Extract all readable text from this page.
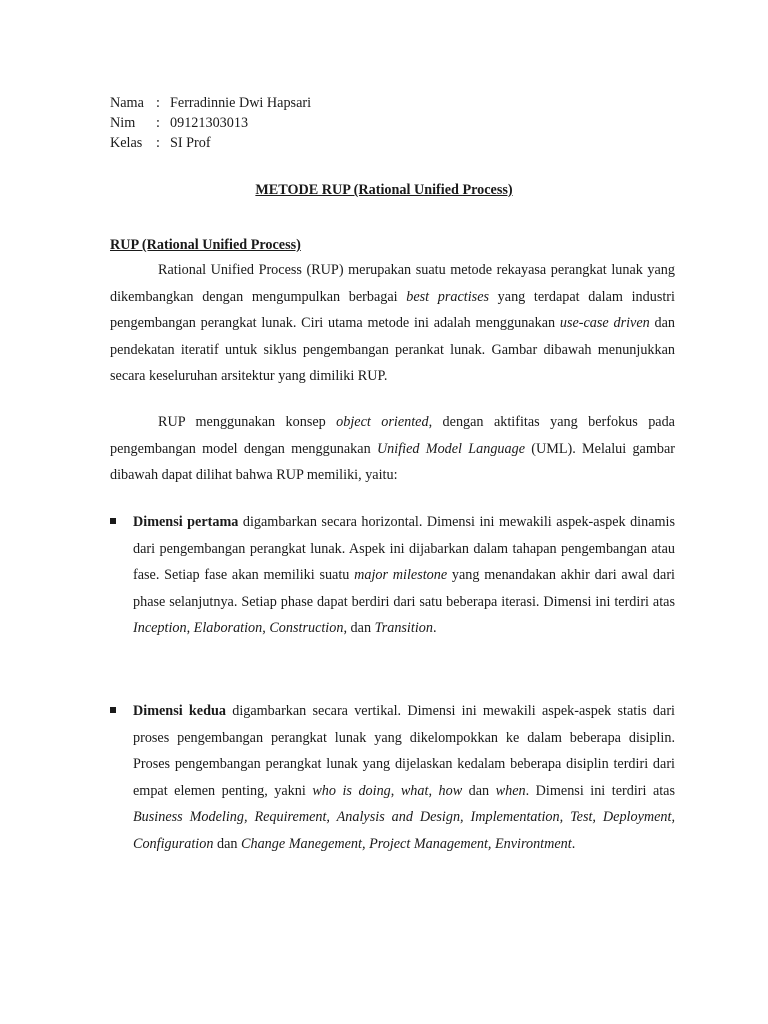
Nama : Ferradinnie Dwi Hapsari
Nim	: 09121303013
Kelas : SI Prof
METODE RUP (Rational Unified Process)
RUP (Rational Unified Process)

Rational Unified Process (RUP) merupakan suatu metode rekayasa perangkat lunak yang dikembangkan dengan mengumpulkan berbagai best practises yang terdapat dalam industri pengembangan perangkat lunak. Ciri utama metode ini adalah menggunakan use-case driven dan pendekatan iteratif untuk siklus pengembangan perankat lunak. Gambar dibawah menunjukkan secara keseluruhan arsitektur yang dimiliki RUP.

RUP menggunakan konsep object oriented, dengan aktifitas yang berfokus pada pengembangan model dengan menggunakan Unified Model Language (UML). Melalui gambar dibawah dapat dilihat bahwa RUP memiliki, yaitu:

Dimensi pertama digambarkan secara horizontal. Dimensi ini mewakili aspek-aspek dinamis dari pengembangan perangkat lunak. Aspek ini dijabarkan dalam tahapan pengembangan atau fase. Setiap fase akan memiliki suatu major milestone yang menandakan akhir dari awal dari phase selanjutnya. Setiap phase dapat berdiri dari satu beberapa iterasi. Dimensi ini terdiri atas Inception, Elaboration, Construction, dan Transition.
Dimensi kedua digambarkan secara vertikal. Dimensi ini mewakili aspek-aspek statis dari proses pengembangan perangkat lunak yang dikelompokkan ke dalam beberapa disiplin. Proses pengembangan perangkat lunak yang dijelaskan kedalam beberapa disiplin terdiri dari empat elemen penting, yakni who is doing, what, how dan when. Dimensi ini terdiri atas Business Modeling, Requirement, Analysis and Design, Implementation, Test, Deployment, Configuration dan Change Manegement, Project Management, Environtment.
